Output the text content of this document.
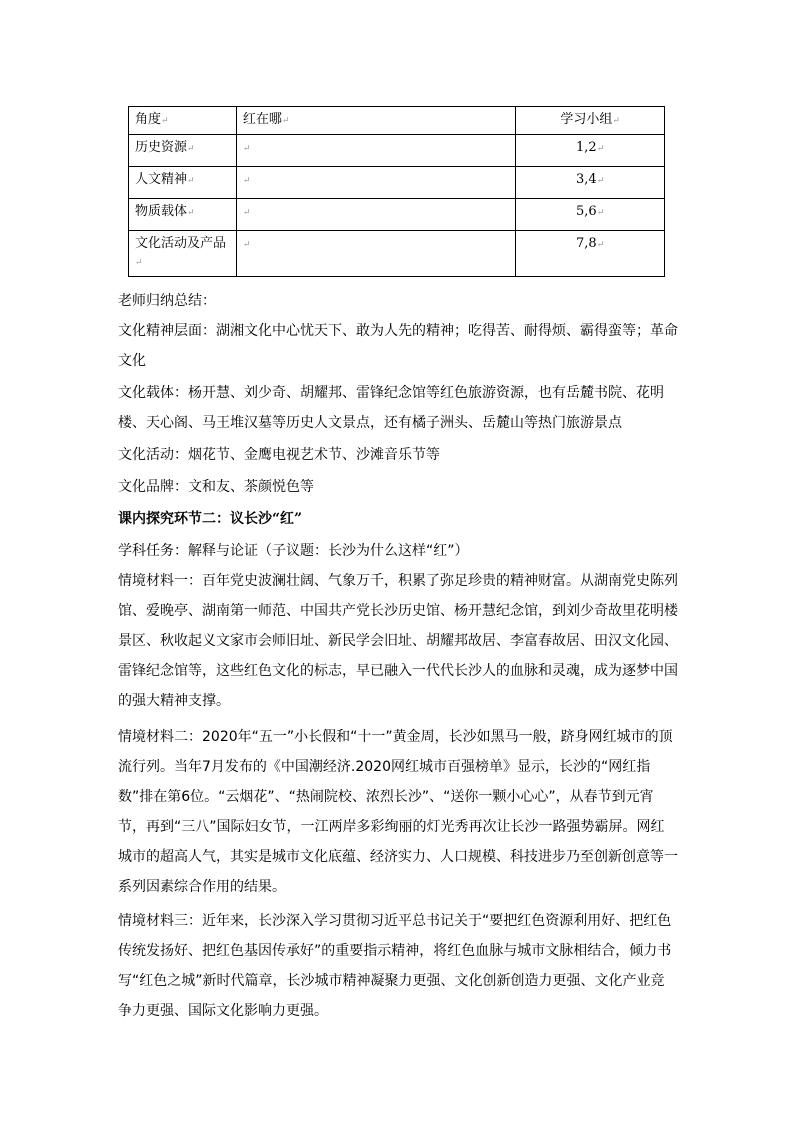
角度↵	红在哪↵	学习小组↵
历史资源↵	↵	1,2↵
人文精神↵	↵	3,4↵
物质载体↵	↵	5,6↵
文化活动及产品↵	↵	7,8↵
老师归纳总结：
文化精神层面：湖湘文化中心忧天下、敢为人先的精神；吃得苦、耐得烦、霸得蛮等；革命文化
文化载体：杨开慧、刘少奇、胡耀邦、雷锋纪念馆等红色旅游资源，也有岳麓书院、花明楼、天心阁、马王堆汉墓等历史人文景点，还有橘子洲头、岳麓山等热门旅游景点
文化活动：烟花节、金鹰电视艺术节、沙滩音乐节等
文化品牌：文和友、茶颜悦色等
课内探究环节二：议长沙“红”
学科任务：解释与论证（子议题：长沙为什么这样“红”）
情境材料一：百年党史波澜壮阔、气象万千，积累了弥足珍贵的精神财富。从湖南党史陈列馆、爱晚亭、湖南第一师范、中国共产党长沙历史馆、杨开慧纪念馆，到刘少奇故里花明楼景区、秋收起义文家市会师旧址、新民学会旧址、胡耀邦故居、李富春故居、田汉文化园、雷锋纪念馆等，这些红色文化的标志，早已融入一代代长沙人的血脉和灵魂，成为逐梦中国的强大精神支撑。
情境材料二：2020年“五一”小长假和“十一”黄金周，长沙如黑马一般，跻身网红城市的顶流行列。当年7月发布的《中国潮经济.2020网红城市百强榜单》显示，长沙的“网红指数”排在第6位。“云烟花”、“热闹院校、浓烈长沙”、“送你一颗小心心”，从春节到元宵节，再到“三八”国际妇女节，一江两岸多彩绚丽的灯光秀再次让长沙一路强势霸屏。网红城市的超高人气，其实是城市文化底蕴、经济实力、人口规模、科技进步乃至创新创意等一系列因素综合作用的结果。
情境材料三：近年来，长沙深入学习贯彻习近平总书记关于“要把红色资源利用好、把红色传统发扬好、把红色基因传承好”的重要指示精神，将红色血脉与城市文脉相结合，倾力书写“红色之城”新时代篇章，长沙城市精神凝聚力更强、文化创新创造力更强、文化产业竞争力更强、国际文化影响力更强。
